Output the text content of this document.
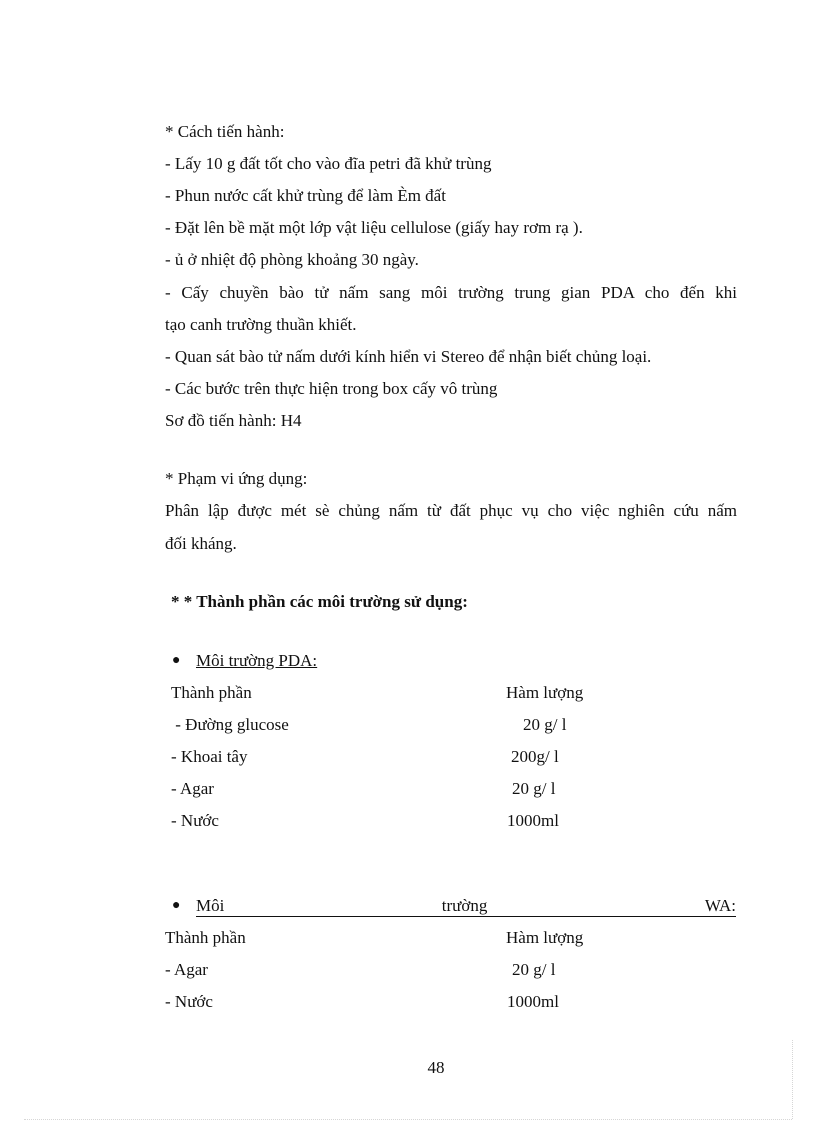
* Cách tiến hành:
- Lấy 10 g đất tốt cho vào đĩa petri đã khử trùng
- Phun nước cất khử trùng để làm Èm đất
- Đặt lên bề mặt một lớp vật liệu cellulose (giấy hay rơm rạ ).
- ủ ở nhiệt độ phòng khoảng 30 ngày.
- Cấy chuyền bào tử nấm sang môi trường trung gian PDA cho đến khi
tạo canh trường thuần khiết.
- Quan sát bào tử nấm dưới kính hiển vi Stereo để nhận biết chủng loại.
- Các bước trên thực hiện trong box cấy vô trùng
Sơ đồ tiến hành: H4
* Phạm vi ứng dụng:
Phân lập được mét sè chủng nấm từ đất phục vụ cho việc nghiên cứu nấm
đối kháng.
* * Thành phần các môi trường sử dụng:
● Môi trường PDA:
Thành phần	Hàm lượng
- Đường glucose	20 g/ l
- Khoai tây	200g/ l
- Agar	20 g/ l
- Nước	1000ml
● Môi	trường	WA:
Thành phần	Hàm lượng
- Agar	20 g/ l
- Nước	1000ml
48
